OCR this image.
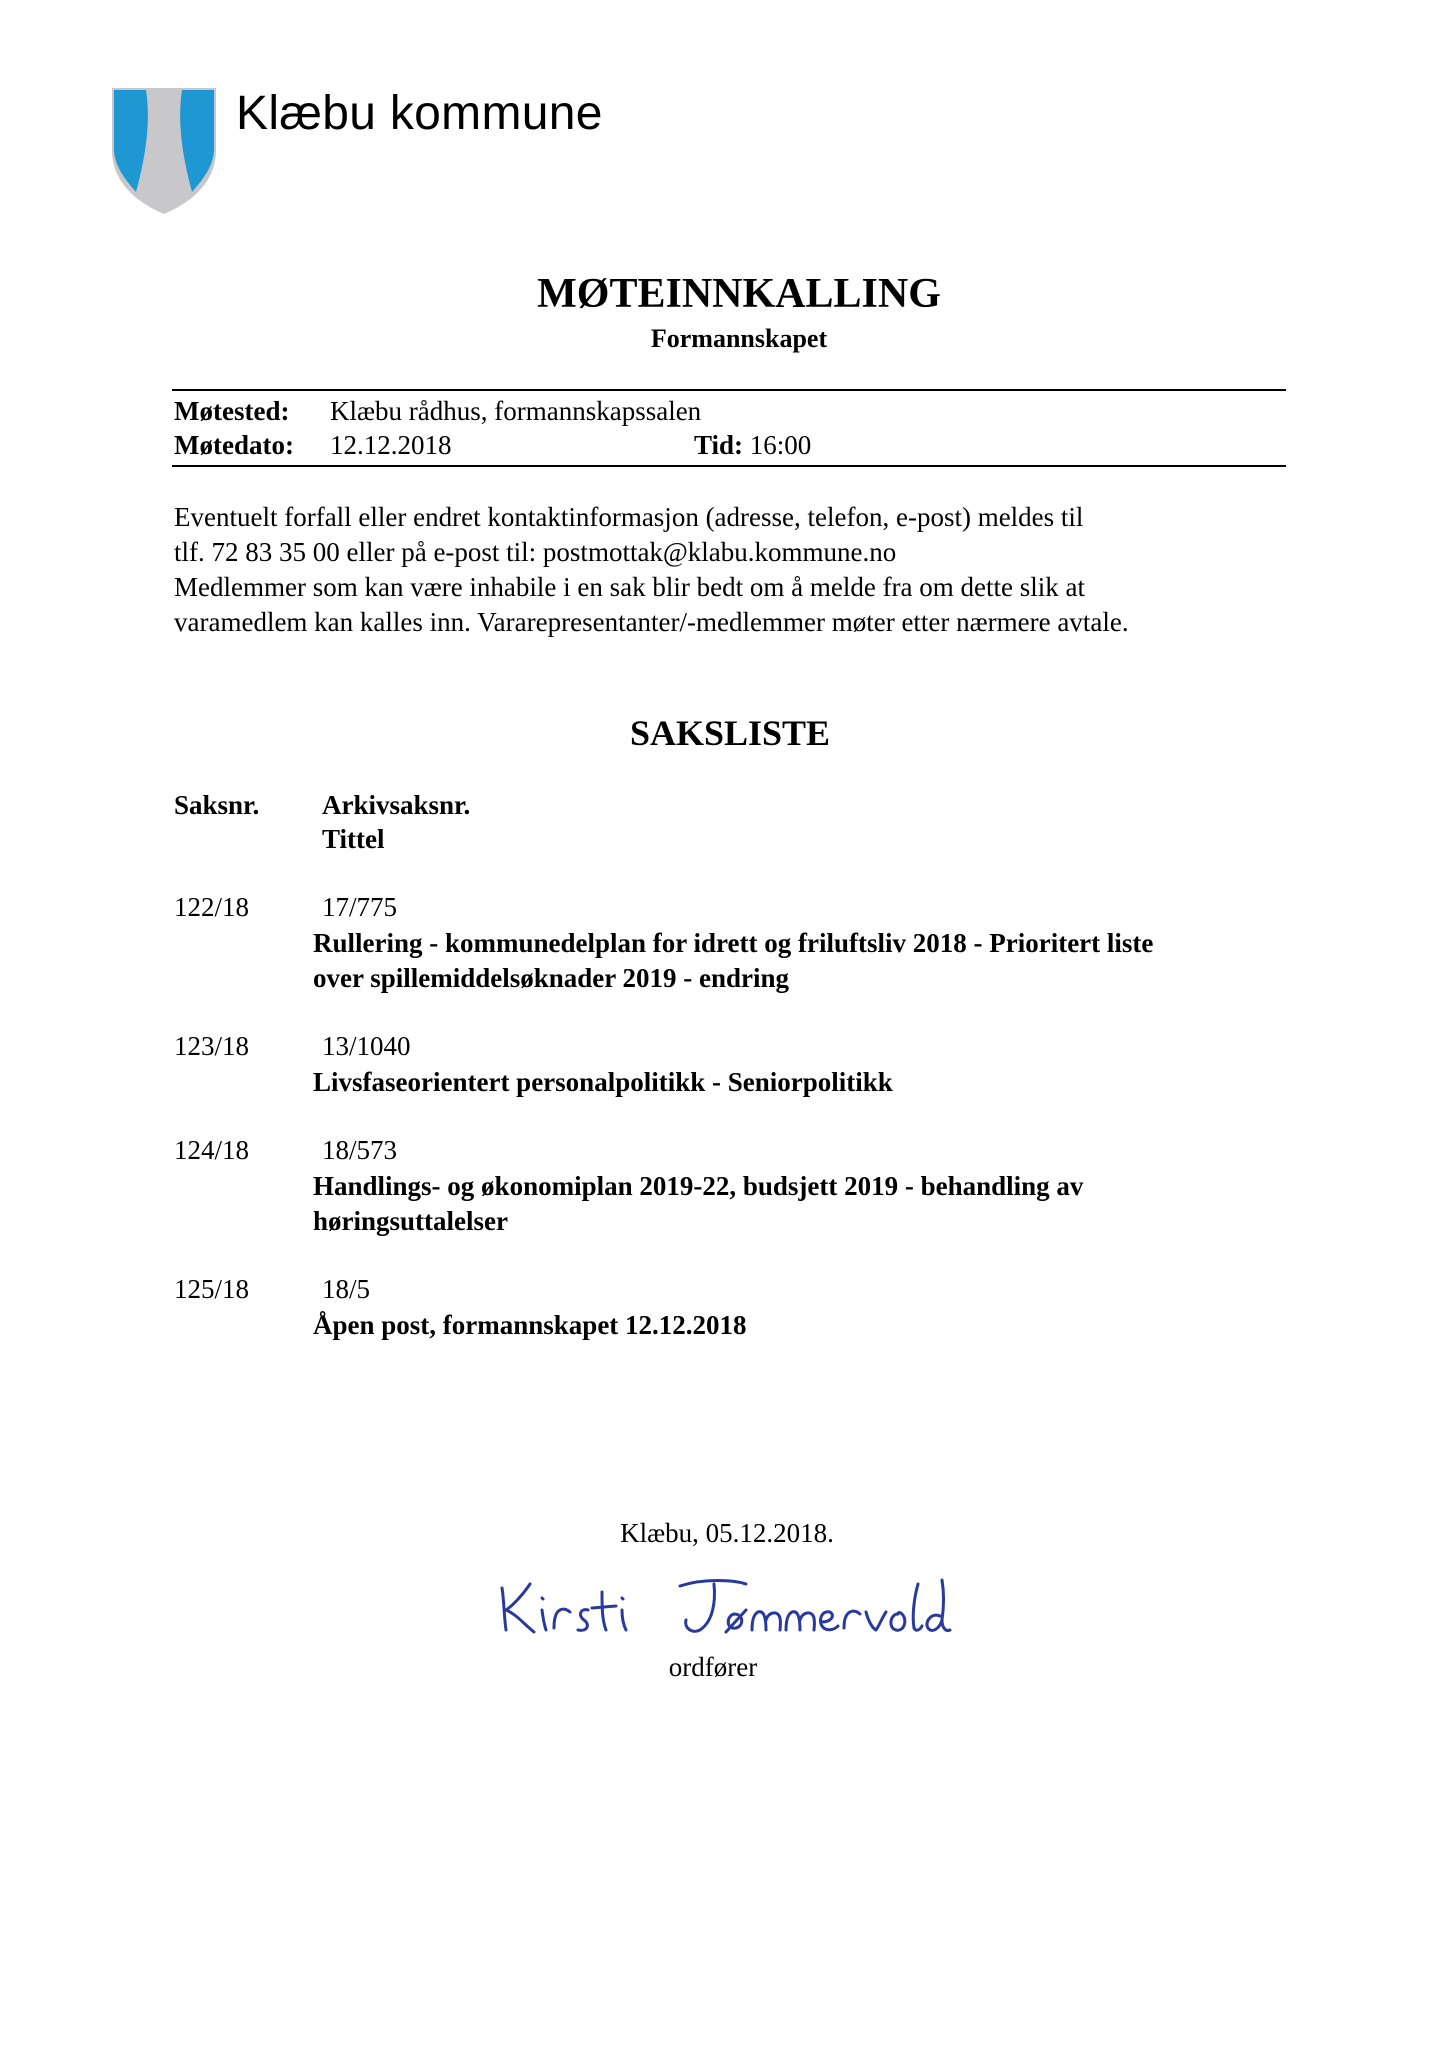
Klæbu kommune
MØTEINNKALLING
Formannskapet
Møtested: Klæbu rådhus, formannskapssalen
Møtedato: 12.12.2018	Tid: 16:00
Eventuelt forfall eller endret kontaktinformasjon (adresse, telefon, e-post) meldes til
tlf. 72 83 35 00 eller på e-post til: postmottak@klabu.kommune.no
Medlemmer som kan være inhabile i en sak blir bedt om å melde fra om dette slik at
varamedlem kan kalles inn. Vararepresentanter/-medlemmer møter etter nærmere avtale.
SAKSLISTE
Saksnr. Arkivsaksnr.
Tittel
122/18	17/775
Rullering - kommunedelplan for idrett og friluftsliv 2018 - Prioritert liste
over spillemiddelsøknader 2019 - endring
123/18	13/1040
Livsfaseorientert personalpolitikk - Seniorpolitikk
124/18	18/573
Handlings- og økonomiplan 2019-22, budsjett 2019 - behandling av
høringsuttalelser
125/18	18/5
Åpen post, formannskapet 12.12.2018
Klæbu, 05.12.2018.
ordfører
